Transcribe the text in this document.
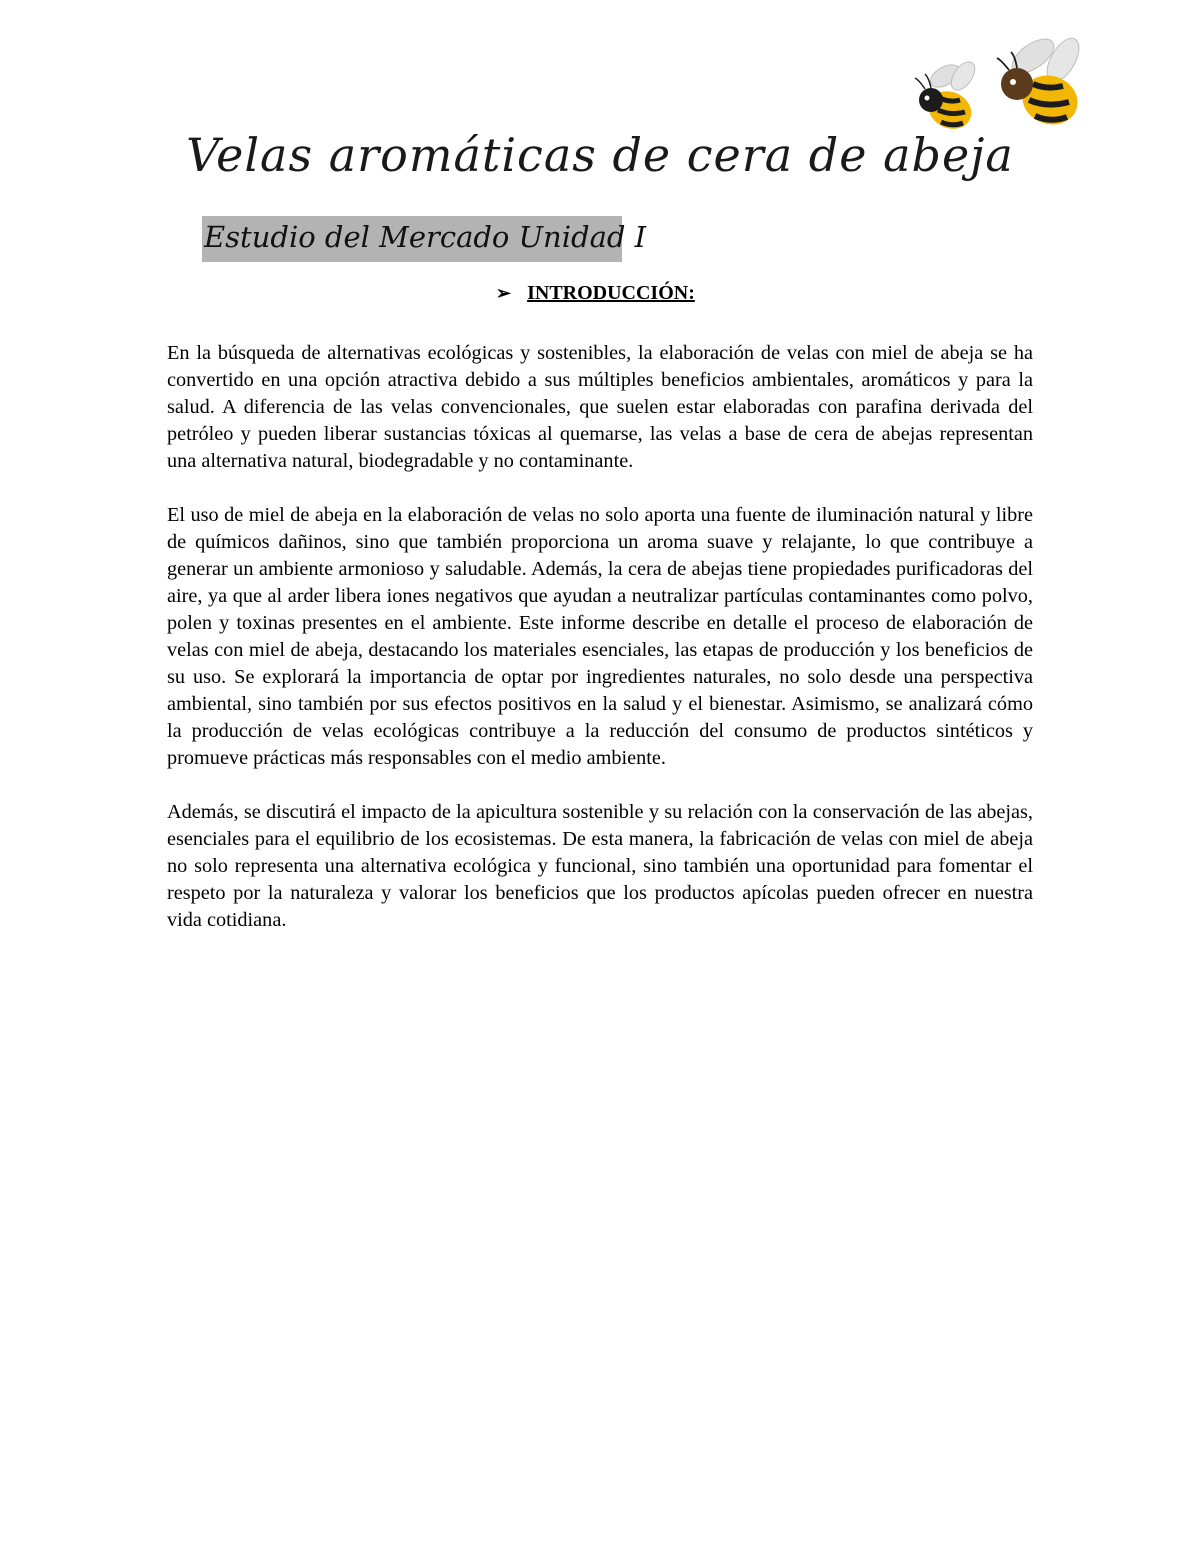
Velas aromáticas de cera de abeja
Estudio del Mercado Unidad I
➢ INTRODUCCIÓN:

En la búsqueda de alternativas ecológicas y sostenibles, la elaboración de velas con miel de abeja se ha convertido en una opción atractiva debido a sus múltiples beneficios ambientales, aromáticos y para la salud. A diferencia de las velas convencionales, que suelen estar elaboradas con parafina derivada del petróleo y pueden liberar sustancias tóxicas al quemarse, las velas a base de cera de abejas representan una alternativa natural, biodegradable y no contaminante.

El uso de miel de abeja en la elaboración de velas no solo aporta una fuente de iluminación natural y libre de químicos dañinos, sino que también proporciona un aroma suave y relajante, lo que contribuye a generar un ambiente armonioso y saludable. Además, la cera de abejas tiene propiedades purificadoras del aire, ya que al arder libera iones negativos que ayudan a neutralizar partículas contaminantes como polvo, polen y toxinas presentes en el ambiente. Este informe describe en detalle el proceso de elaboración de velas con miel de abeja, destacando los materiales esenciales, las etapas de producción y los beneficios de su uso. Se explorará la importancia de optar por ingredientes naturales, no solo desde una perspectiva ambiental, sino también por sus efectos positivos en la salud y el bienestar. Asimismo, se analizará cómo la producción de velas ecológicas contribuye a la reducción del consumo de productos sintéticos y promueve prácticas más responsables con el medio ambiente.

Además, se discutirá el impacto de la apicultura sostenible y su relación con la conservación de las abejas, esenciales para el equilibrio de los ecosistemas. De esta manera, la fabricación de velas con miel de abeja no solo representa una alternativa ecológica y funcional, sino también una oportunidad para fomentar el respeto por la naturaleza y valorar los beneficios que los productos apícolas pueden ofrecer en nuestra vida cotidiana.
